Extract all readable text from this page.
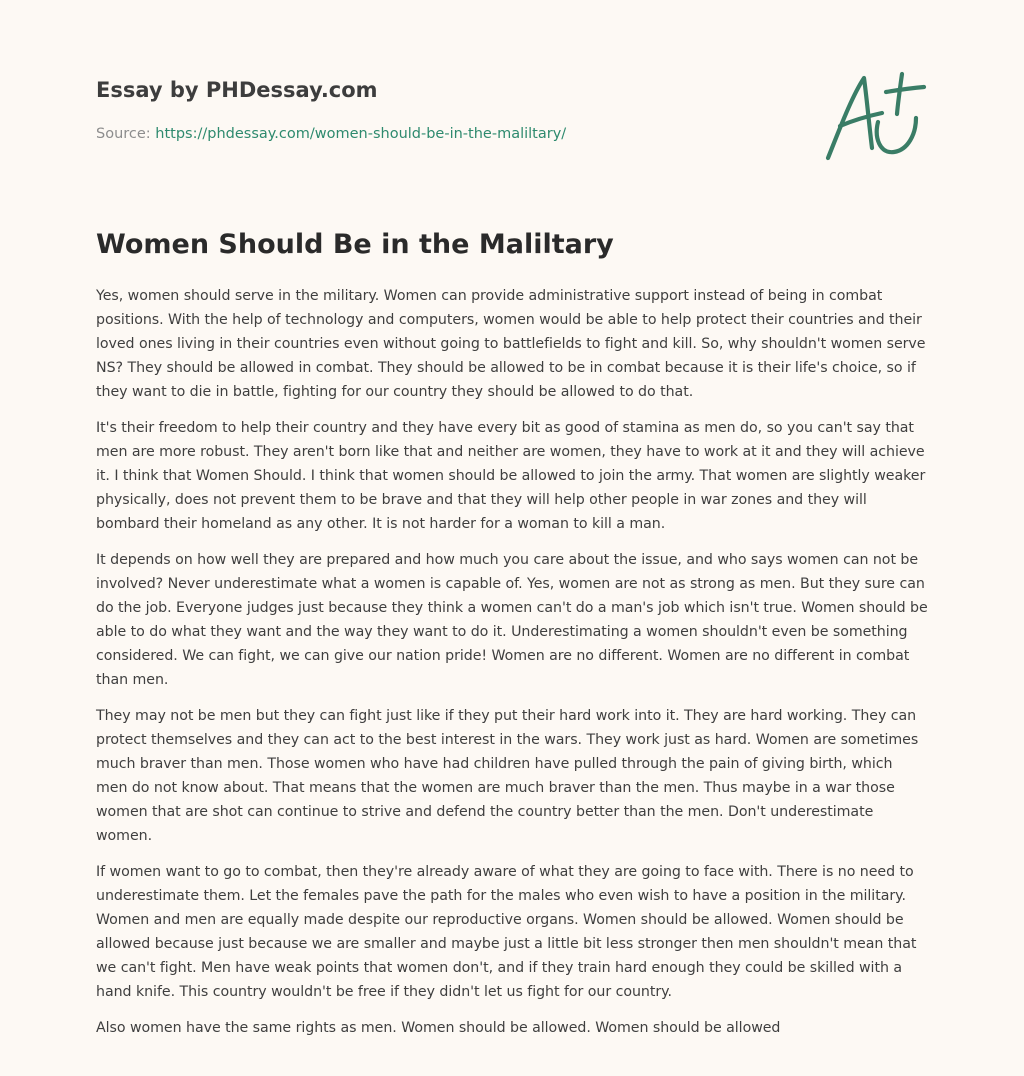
Essay by PHDessay.com
Source: https://phdessay.com/women-should-be-in-the-maliltary/
Women Should Be in the Maliltary

Yes, women should serve in the military. Women can provide administrative support instead of being in combat positions. With the help of technology and computers, women would be able to help protect their countries and their loved ones living in their countries even without going to battlefields to fight and kill. So, why shouldn't women serve NS? They should be allowed in combat. They should be allowed to be in combat because it is their life's choice, so if they want to die in battle, fighting for our country they should be allowed to do that.

It's their freedom to help their country and they have every bit as good of stamina as men do, so you can't say that men are more robust. They aren't born like that and neither are women, they have to work at it and they will achieve it. I think that Women Should. I think that women should be allowed to join the army. That women are slightly weaker physically, does not prevent them to be brave and that they will help other people in war zones and they will bombard their homeland as any other. It is not harder for a woman to kill a man.

It depends on how well they are prepared and how much you care about the issue, and who says women can not be involved? Never underestimate what a women is capable of. Yes, women are not as strong as men. But they sure can do the job. Everyone judges just because they think a women can't do a man's job which isn't true. Women should be able to do what they want and the way they want to do it. Underestimating a women shouldn't even be something considered. We can fight, we can give our nation pride! Women are no different. Women are no different in combat than men.

They may not be men but they can fight just like if they put their hard work into it. They are hard working. They can protect themselves and they can act to the best interest in the wars. They work just as hard. Women are sometimes much braver than men. Those women who have had children have pulled through the pain of giving birth, which men do not know about. That means that the women are much braver than the men. Thus maybe in a war those women that are shot can continue to strive and defend the country better than the men. Don't underestimate women.

If women want to go to combat, then they're already aware of what they are going to face with. There is no need to underestimate them. Let the females pave the path for the males who even wish to have a position in the military. Women and men are equally made despite our reproductive organs. Women should be allowed. Women should be allowed because just because we are smaller and maybe just a little bit less stronger then men shouldn't mean that we can't fight. Men have weak points that women don't, and if they train hard enough they could be skilled with a hand knife. This country wouldn't be free if they didn't let us fight for our country.

Also women have the same rights as men. Women should be allowed. Women should be allowed
